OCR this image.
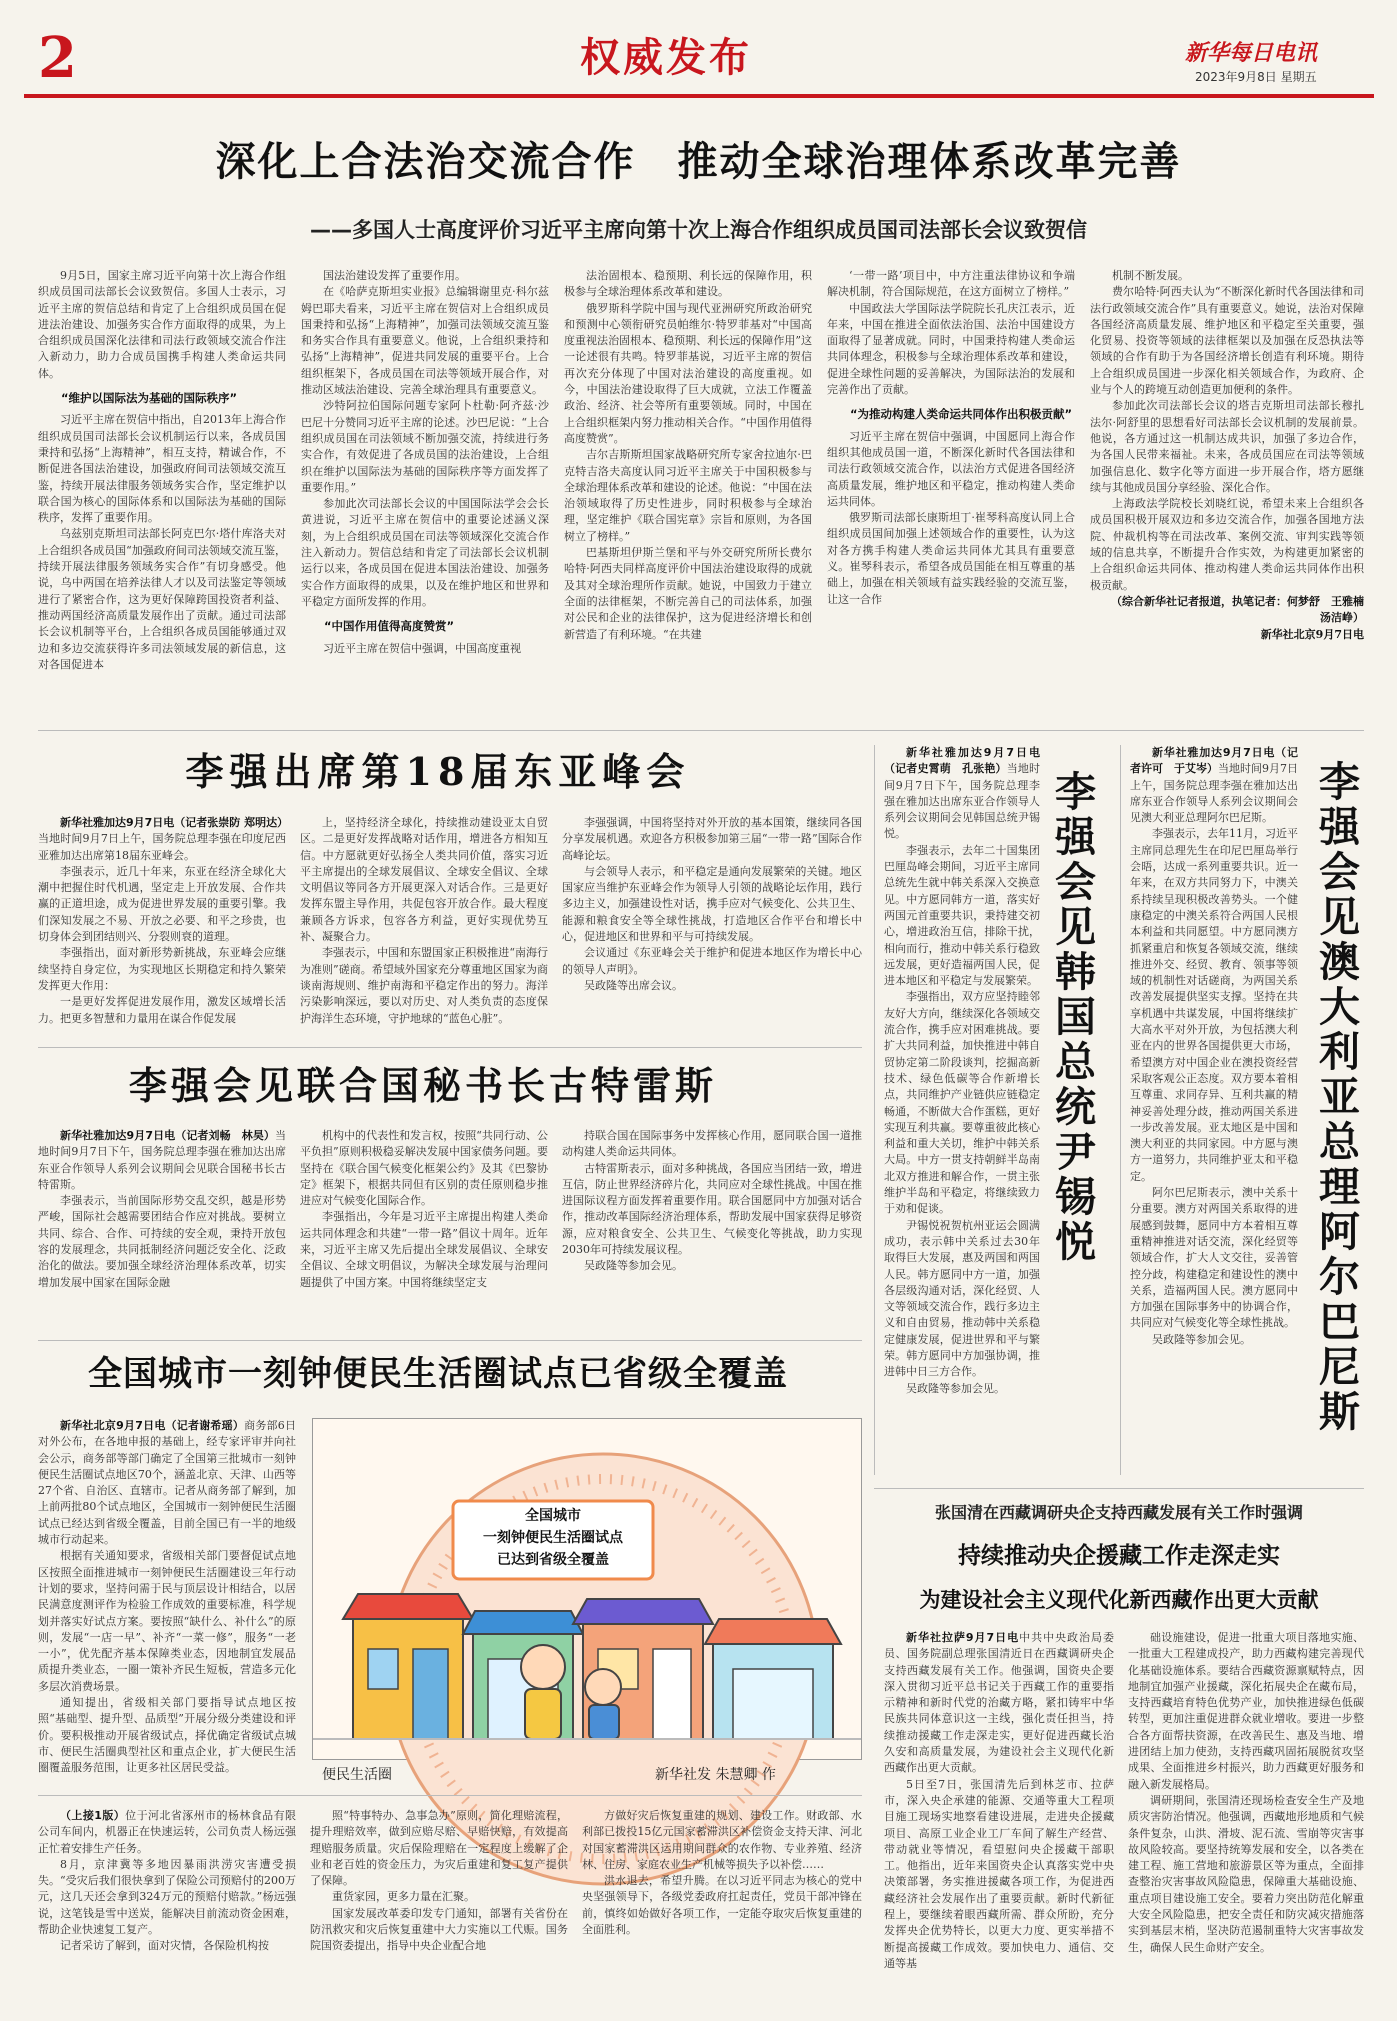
2	权威发布	新华每日电讯
2023年9月8日 星期五
深化上合法治交流合作　推动全球治理体系改革完善
——多国人士高度评价习近平主席向第十次上海合作组织成员国司法部长会议致贺信

9月5日，国家主席习近平向第十次上海合作组织成员国司法部长会议致贺信。多国人士表示，习近平主席的贺信总结和肯定了上合组织成员国在促进法治建设、加强务实合作方面取得的成果，为上合组织成员国深化法律和司法行政领域交流合作注入新动力，助力合成员国携手构建人类命运共同体。

“维护以国际法为基础的国际秩序”

习近平主席在贺信中指出，自2013年上海合作组织成员国司法部长会议机制运行以来，各成员国秉持和弘扬“上海精神”，相互支持，精诚合作，不断促进各国法治建设，加强政府间司法领域交流互鉴，持续开展法律服务领域务实合作，坚定维护以联合国为核心的国际体系和以国际法为基础的国际秩序，发挥了重要作用。

乌兹别克斯坦司法部长阿克巴尔·塔什库洛夫对上合组织各成员国“加强政府间司法领域交流互鉴，持续开展法律服务领域务实合作”有切身感受。他说，乌中两国在培养法律人才以及司法鉴定等领域进行了紧密合作，这为更好保障跨国投资者利益、推动两国经济高质量发展作出了贡献。通过司法部长会议机制等平台，上合组织各成员国能够通过双边和多边交流获得许多司法领域发展的新信息，这对各国促进本

国法治建设发挥了重要作用。

在《哈萨克斯坦实业报》总编辑谢里克·科尔兹姆巴耶夫看来，习近平主席在贺信对上合组织成员国秉持和弘扬“上海精神”，加强司法领域交流互鉴和务实合作具有重要意义。他说，上合组织秉持和弘扬“上海精神”，促进共同发展的重要平台。上合组织框架下，各成员国在司法等领域开展合作，对推动区域法治建设、完善全球治理具有重要意义。

沙特阿拉伯国际问题专家阿卜杜勒·阿齐兹·沙巴尼十分赞同习近平主席的论述。沙巴尼说：“上合组织成员国在司法领域不断加强交流，持续进行务实合作，有效促进了各成员国的法治建设，上合组织在维护以国际法为基础的国际秩序等方面发挥了重要作用。”

参加此次司法部长会议的中国国际法学会会长黄进说，习近平主席在贺信中的重要论述涵义深刻，为上合组织成员国在司法等领域深化交流合作注入新动力。贺信总结和肯定了司法部长会议机制运行以来，各成员国在促进本国法治建设、加强务实合作方面取得的成果，以及在维护地区和世界和平稳定方面所发挥的作用。

“中国作用值得高度赞赏”

习近平主席在贺信中强调，中国高度重视

法治固根本、稳预期、利长远的保障作用，积极参与全球治理体系改革和建设。

俄罗斯科学院中国与现代亚洲研究所政治研究和预测中心领衔研究员帕维尔·特罗菲基对“中国高度重视法治固根本、稳预期、利长远的保障作用”这一论述很有共鸣。特罗菲基说，习近平主席的贺信再次充分体现了中国对法治建设的高度重视。如今，中国法治建设取得了巨大成就，立法工作覆盖政治、经济、社会等所有重要领域。同时，中国在上合组织框架内努力推动相关合作。“中国作用值得高度赞赏”。

吉尔吉斯斯坦国家战略研究所专家舍拉迪尔·巴克特吉洛夫高度认同习近平主席关于中国积极参与全球治理体系改革和建设的论述。他说：“中国在法治领域取得了历史性进步，同时积极参与全球治理，坚定维护《联合国宪章》宗旨和原则，为各国树立了榜样。”

巴基斯坦伊斯兰堡和平与外交研究所所长费尔哈特·阿西夫同样高度评价中国法治建设取得的成就及其对全球治理所作贡献。她说，中国致力于建立全面的法律框架，不断完善自己的司法体系，加强对公民和企业的法律保护，这为促进经济增长和创新营造了有利环境。“在共建

‘一带一路’项目中，中方注重法律协议和争端解决机制，符合国际规范，在这方面树立了榜样。”

中国政法大学国际法学院院长孔庆江表示，近年来，中国在推进全面依法治国、法治中国建设方面取得了显著成就。同时，中国秉持构建人类命运共同体理念，积极参与全球治理体系改革和建设，促进全球性问题的妥善解决，为国际法治的发展和完善作出了贡献。

“为推动构建人类命运共同体作出积极贡献”

习近平主席在贺信中强调，中国愿同上海合作组织其他成员国一道，不断深化新时代各国法律和司法行政领域交流合作，以法治方式促进各国经济高质量发展，维护地区和平稳定，推动构建人类命运共同体。

俄罗斯司法部长康斯坦丁·崔琴科高度认同上合组织成员国间加强上述领域合作的重要性，认为这对各方携手构建人类命运共同体尤其具有重要意义。崔琴科表示，希望各成员国能在相互尊重的基础上，加强在相关领域有益实践经验的交流互鉴，让这一合作

机制不断发展。

费尔哈特·阿西夫认为“不断深化新时代各国法律和司法行政领域交流合作”具有重要意义。她说，法治对保障各国经济高质量发展、维护地区和平稳定至关重要，强化贸易、投资等领域的法律框架以及加强在反恐执法等领域的合作有助于为各国经济增长创造有利环境。期待上合组织成员国进一步深化相关领域合作，为政府、企业与个人的跨境互动创造更加便利的条件。

参加此次司法部长会议的塔吉克斯坦司法部长穆扎法尔·阿舒里的思想看好司法部长会议机制的发展前景。他说，各方通过这一机制达成共识，加强了多边合作，为各国人民带来福祉。未来，各成员国应在司法等领域加强信息化、数字化等方面进一步开展合作，塔方愿继续与其他成员国分享经验、深化合作。

上海政法学院校长刘晓红说，希望未来上合组织各成员国积极开展双边和多边交流合作，加强各国地方法院、仲裁机构等在司法改革、案例交流、审判实践等领域的信息共享，不断提升合作实效，为构建更加紧密的上合组织命运共同体、推动构建人类命运共同体作出积极贡献。

（综合新华社记者报道，执笔记者：何梦舒　王雅楠　汤洁峥）
新华社北京9月7日电
李强出席第18届东亚峰会

新华社雅加达9月7日电（记者张崇防 郑明达）当地时间9月7日上午，国务院总理李强在印度尼西亚雅加达出席第18届东亚峰会。

李强表示，近几十年来，东亚在经济全球化大潮中把握住时代机遇，坚定走上开放发展、合作共赢的正道坦途，成为促进世界发展的重要引擎。我们深知发展之不易、开放之必要、和平之珍贵，也切身体会到团结则兴、分裂则衰的道理。

李强指出，面对新形势新挑战，东亚峰会应继续坚持自身定位，为实现地区长期稳定和持久繁荣发挥更大作用：

一是更好发挥促进发展作用，激发区域增长活力。把更多智慧和力量用在谋合作促发展

上，坚持经济全球化，持续推动建设亚太自贸区。二是更好发挥战略对话作用，增进各方相知互信。中方愿就更好弘扬全人类共同价值，落实习近平主席提出的全球发展倡议、全球安全倡议、全球文明倡议等同各方开展更深入对话合作。三是更好发挥东盟主导作用，共促包容开放合作。最大程度兼顾各方诉求，包容各方利益，更好实现优势互补、凝聚合力。

李强表示，中国和东盟国家正积极推进“南海行为准则”磋商。希望域外国家充分尊重地区国家为商谈南海规则、维护南海和平稳定作出的努力。海洋污染影响深远，要以对历史、对人类负责的态度保护海洋生态环境，守护地球的“蓝色心脏”。

李强强调，中国将坚持对外开放的基本国策，继续同各国分享发展机遇。欢迎各方积极参加第三届“一带一路”国际合作高峰论坛。

与会领导人表示，和平稳定是通向发展繁荣的关键。地区国家应当维护东亚峰会作为领导人引领的战略论坛作用，践行多边主义，加强建设性对话，携手应对气候变化、公共卫生、能源和粮食安全等全球性挑战，打造地区合作平台和增长中心，促进地区和世界和平与可持续发展。

会议通过《东亚峰会关于维护和促进本地区作为增长中心的领导人声明》。

吴政隆等出席会议。

李强会见联合国秘书长古特雷斯

新华社雅加达9月7日电（记者刘畅　林昊）当地时间9月7日下午，国务院总理李强在雅加达出席东亚合作领导人系列会议期间会见联合国秘书长古特雷斯。

李强表示，当前国际形势交乱交织，越是形势严峻，国际社会越需要团结合作应对挑战。要树立共同、综合、合作、可持续的安全观，秉持开放包容的发展理念，共同抵制经济问题泛安全化、泛政治化的做法。要加强全球经济治理体系改革，切实增加发展中国家在国际金融

机构中的代表性和发言权，按照“共同行动、公平负担”原则积极稳妥解决发展中国家债务问题。要坚持在《联合国气候变化框架公约》及其《巴黎协定》框架下，根据共同但有区别的责任原则稳步推进应对气候变化国际合作。

李强指出，今年是习近平主席提出构建人类命运共同体理念和共建“一带一路”倡议十周年。近年来，习近平主席又先后提出全球发展倡议、全球安全倡议、全球文明倡议，为解决全球发展与治理问题提供了中国方案。中国将继续坚定支

持联合国在国际事务中发挥核心作用，愿同联合国一道推动构建人类命运共同体。

古特雷斯表示，面对多种挑战，各国应当团结一致，增进互信，防止世界经济碎片化，共同应对全球性挑战。中国在推进国际议程方面发挥着重要作用。联合国愿同中方加强对话合作，推动改革国际经济治理体系，帮助发展中国家获得足够资源，应对粮食安全、公共卫生、气候变化等挑战，助力实现2030年可持续发展议程。

吴政隆等参加会见。

全国城市一刻钟便民生活圈试点已省级全覆盖

新华社北京9月7日电（记者谢希瑶）商务部6日对外公布，在各地申报的基础上，经专家评审并向社会公示，商务部等部门确定了全国第三批城市一刻钟便民生活圈试点地区70个，涵盖北京、天津、山西等27个省、自治区、直辖市。记者从商务部了解到，加上前两批80个试点地区，全国城市一刻钟便民生活圈试点已经达到省级全覆盖，目前全国已有一半的地级城市行动起来。

根据有关通知要求，省级相关部门要督促试点地区按照全面推进城市一刻钟便民生活圈建设三年行动计划的要求，坚持问需于民与顶层设计相结合，以居民满意度测评作为检验工作成效的重要标准，科学规划并落实好试点方案。要按照“缺什么、补什么”的原则，发展“一店一早”、补齐“一菜一修”，服务“一老一小”，优先配齐基本保障类业态，因地制宜发展品质提升类业态，一圈一策补齐民生短板，营造多元化多层次消费场景。

通知提出，省级相关部门要指导试点地区按照“基础型、提升型、品质型”开展分级分类建设和评价。要积极推动开展省级试点，择优确定省级试点城市、便民生活圈典型社区和重点企业，扩大便民生活圈覆盖服务范围，让更多社区居民受益。

全国城市
一刻钟便民生活圈试点
已达到省级全覆盖
便民生活圈	新华社发 朱慧卿 作

（上接1版）位于河北省涿州市的杨林食品有限公司车间内，机器正在快速运转，公司负责人杨远强正忙着安排生产任务。

8月，京津冀等多地因暴雨洪涝灾害遭受损失。“受灾后我们很快拿到了保险公司预赔付的200万元，这几天还会拿到324万元的预赔付赔款。”杨远强说，这笔钱是雪中送炭，能解决目前流动资金困难，帮助企业快速复工复产。

记者采访了解到，面对灾情，各保险机构按

照“特事特办、急事急办”原则，简化理赔流程，提升理赔效率，做到应赔尽赔、早赔快赔，有效提高理赔服务质量。灾后保险理赔在一定程度上缓解了企业和老百姓的资金压力，为灾后重建和复工复产提供了保障。

重货家园，更多力量在汇聚。

国家发展改革委印发专门通知，部署有关省份在防汛救灾和灾后恢复重建中大力实施以工代赈。国务院国资委提出，指导中央企业配合地

方做好灾后恢复重建的规划、建设工作。财政部、水利部已拨投15亿元国家蓄滞洪区补偿资金支持天津、河北对国家蓄滞洪区运用期间群众的农作物、专业养殖、经济林、住房、家庭农业生产机械等损失予以补偿……

洪水退去，希望升腾。在以习近平同志为核心的党中央坚强领导下，各级党委政府扛起责任，党员干部冲锋在前，慎终如始做好各项工作，一定能夺取灾后恢复重建的全面胜利。

新华社雅加达9月7日电（记者史霄萌　孔张艳）当地时间9月7日下午，国务院总理李强在雅加达出席东亚合作领导人系列会议期间会见韩国总统尹锡悦。

李强表示，去年二十国集团巴厘岛峰会期间，习近平主席同总统先生就中韩关系深入交换意见。中方愿同韩方一道，落实好两国元首重要共识，秉持建交初心，增进政治互信，排除干扰，相向而行，推动中韩关系行稳致远发展，更好造福两国人民，促进本地区和平稳定与发展繁荣。

李强指出，双方应坚持睦邻友好大方向，继续深化各领域交流合作，携手应对困难挑战。要扩大共同利益，加快推进中韩自贸协定第二阶段谈判，挖掘高新技术、绿色低碳等合作新增长点，共同维护产业链供应链稳定畅通，不断做大合作蛋糕，更好实现互利共赢。要尊重彼此核心利益和重大关切，维护中韩关系大局。中方一贯支持朝鲜半岛南北双方推进和解合作，一贯主张维护半岛和平稳定，将继续致力于劝和促谈。

尹锡悦祝贺杭州亚运会圆满成功，表示韩中关系过去30年取得巨大发展，惠及两国和两国人民。韩方愿同中方一道，加强各层级沟通对话，深化经贸、人文等领域交流合作，践行多边主义和自由贸易，推动韩中关系稳定健康发展，促进世界和平与繁荣。韩方愿同中方加强协调，推进韩中日三方合作。

吴政隆等参加会见。

李强会见韩国总统尹锡悦

新华社雅加达9月7日电（记者许可　于艾岑）当地时间9月7日上午，国务院总理李强在雅加达出席东亚合作领导人系列会议期间会见澳大利亚总理阿尔巴尼斯。

李强表示，去年11月，习近平主席同总理先生在印尼巴厘岛举行会晤，达成一系列重要共识。近一年来，在双方共同努力下，中澳关系持续呈现积极改善势头。一个健康稳定的中澳关系符合两国人民根本利益和共同愿望。中方愿同澳方抓紧重启和恢复各领域交流，继续推进外交、经贸、教育、领事等领域的机制性对话磋商，为两国关系改善发展提供坚实支撑。坚持在共享机遇中共谋发展，中国将继续扩大高水平对外开放，为包括澳大利亚在内的世界各国提供更大市场，希望澳方对中国企业在澳投资经营采取客观公正态度。双方要本着相互尊重、求同存异、互利共赢的精神妥善处理分歧，推动两国关系进一步改善发展。亚太地区是中国和澳大利亚的共同家园。中方愿与澳方一道努力，共同维护亚太和平稳定。

阿尔巴尼斯表示，澳中关系十分重要。澳方对两国关系取得的进展感到鼓舞，愿同中方本着相互尊重精神推进对话交流，深化经贸等领域合作，扩大人文交往，妥善管控分歧，构建稳定和建设性的澳中关系，造福两国人民。澳方愿同中方加强在国际事务中的协调合作，共同应对气候变化等全球性挑战。

吴政隆等参加会见。	李强会见澳大利亚总理阿尔巴尼斯
张国清在西藏调研央企支持西藏发展有关工作时强调
持续推动央企援藏工作走深走实
为建设社会主义现代化新西藏作出更大贡献

新华社拉萨9月7日电中共中央政治局委员、国务院副总理张国清近日在西藏调研央企支持西藏发展有关工作。他强调，国资央企要深入贯彻习近平总书记关于西藏工作的重要指示精神和新时代党的治藏方略，紧扣铸牢中华民族共同体意识这一主线，强化责任担当，持续推动援藏工作走深走实，更好促进西藏长治久安和高质量发展，为建设社会主义现代化新西藏作出更大贡献。

5日至7日，张国清先后到林芝市、拉萨市，深入央企承建的能源、交通等重大工程项目施工现场实地察看建设进展，走进央企援藏项目、高原工业企业工厂车间了解生产经营、带动就业等情况，看望慰问央企援藏干部职工。他指出，近年来国资央企认真落实党中央决策部署，务实推进援藏各项工作，为促进西藏经济社会发展作出了重要贡献。新时代新征程上，要继续着眼西藏所需、群众所盼，充分发挥央企优势特长，以更大力度、更实举措不断提高援藏工作成效。要加快电力、通信、交通等基

础设施建设，促进一批重大项目落地实施、一批重大工程建成投产，助力西藏构建完善现代化基础设施体系。要结合西藏资源禀赋特点，因地制宜加强产业援藏，深化拓展央企在藏布局，支持西藏培育特色优势产业，加快推进绿色低碳转型，更加注重促进群众就业增收。要进一步整合各方面帮扶资源，在改善民生、惠及当地、增进团结上加力使劲，支持西藏巩固拓展脱贫攻坚成果、全面推进乡村振兴，助力西藏更好服务和融入新发展格局。

调研期间，张国清还现场检查安全生产及地质灾害防治情况。他强调，西藏地形地质和气候条件复杂，山洪、滑坡、泥石流、雪崩等灾害事故风险较高。要坚持统筹发展和安全，以各类在建工程、施工营地和旅游景区等为重点，全面排查整治灾害事故风险隐患，保障重大基础设施、重点项目建设施工安全。要着力突出防范化解重大安全风险隐患，把安全责任和防灾减灾措施落实到基层末梢，坚决防范遏制重特大灾害事故发生，确保人民生命财产安全。
